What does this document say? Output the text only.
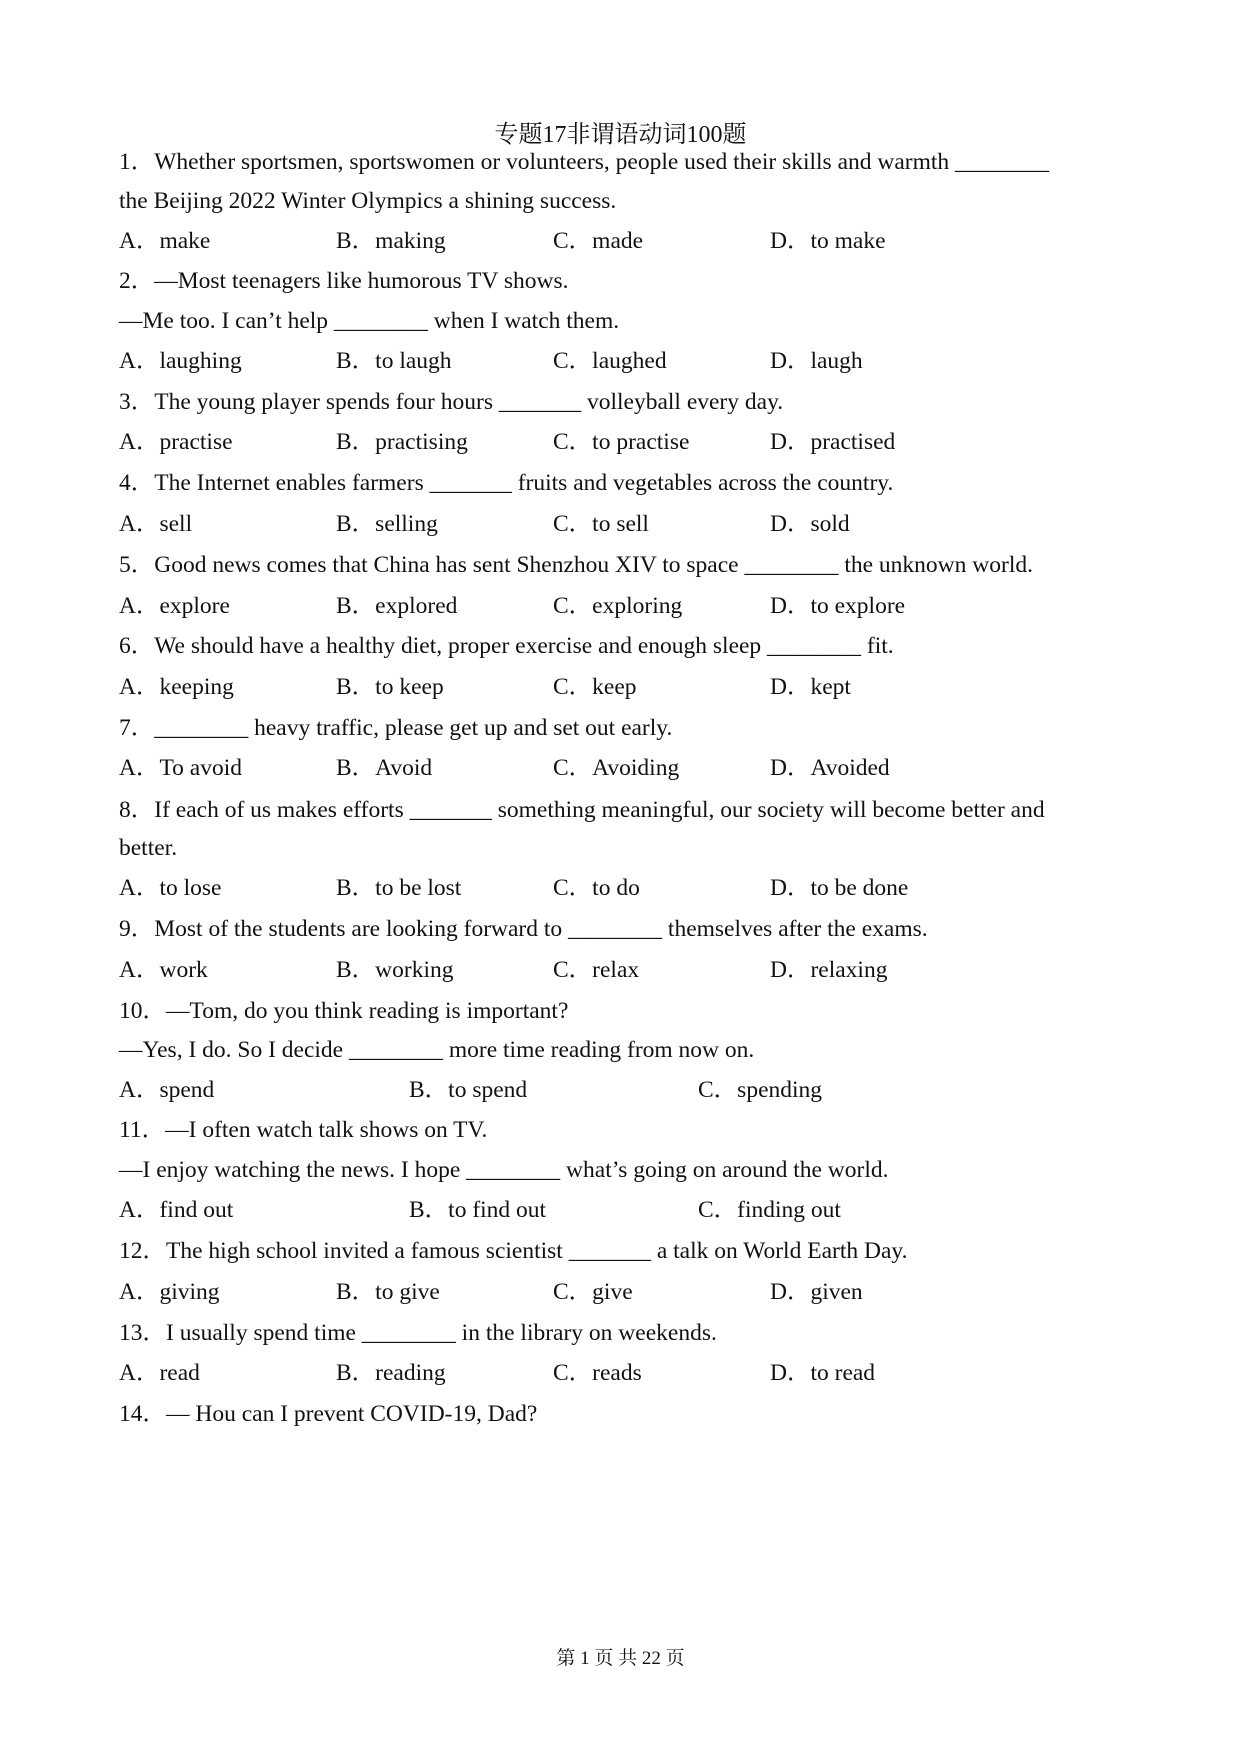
专题17非谓语动词100题
1．Whether sportsmen, sportswomen or volunteers, people used their skills and warmth ________
the Beijing 2022 Winter Olympics a shining success.
A．make	B．making	C．made	D．to make
2．—Most teenagers like humorous TV shows.
—Me too. I can’t help ________ when I watch them.
A．laughing	B．to laugh	C．laughed	D．laugh
3．The young player spends four hours _______ volleyball every day.
A．practise	B．practising	C．to practise	D．practised
4．The Internet enables farmers _______ fruits and vegetables across the country.
A．sell	B．selling	C．to sell	D．sold
5．Good news comes that China has sent Shenzhou XIV to space ________ the unknown world.
A．explore	B．explored	C．exploring	D．to explore
6．We should have a healthy diet, proper exercise and enough sleep ________ fit.
A．keeping	B．to keep	C．keep	D．kept
7．________ heavy traffic, please get up and set out early.
A．To avoid	B．Avoid	C．Avoiding	D．Avoided
8．If each of us makes efforts _______ something meaningful, our society will become better and
better.
A．to lose	B．to be lost	C．to do	D．to be done
9．Most of the students are looking forward to ________ themselves after the exams.
A．work	B．working	C．relax	D．relaxing
10．—Tom, do you think reading is important?
—Yes, I do. So I decide ________ more time reading from now on.
A．spend	B．to spend	C．spending
11．—I often watch talk shows on TV.
—I enjoy watching the news. I hope ________ what’s going on around the world.
A．find out	B．to find out	C．finding out
12．The high school invited a famous scientist _______ a talk on World Earth Day.
A．giving	B．to give	C．give	D．given
13．I usually spend time ________ in the library on weekends.
A．read	B．reading	C．reads	D．to read
14．— Hou can I prevent COVID-19, Dad?
第 1 页 共 22 页
